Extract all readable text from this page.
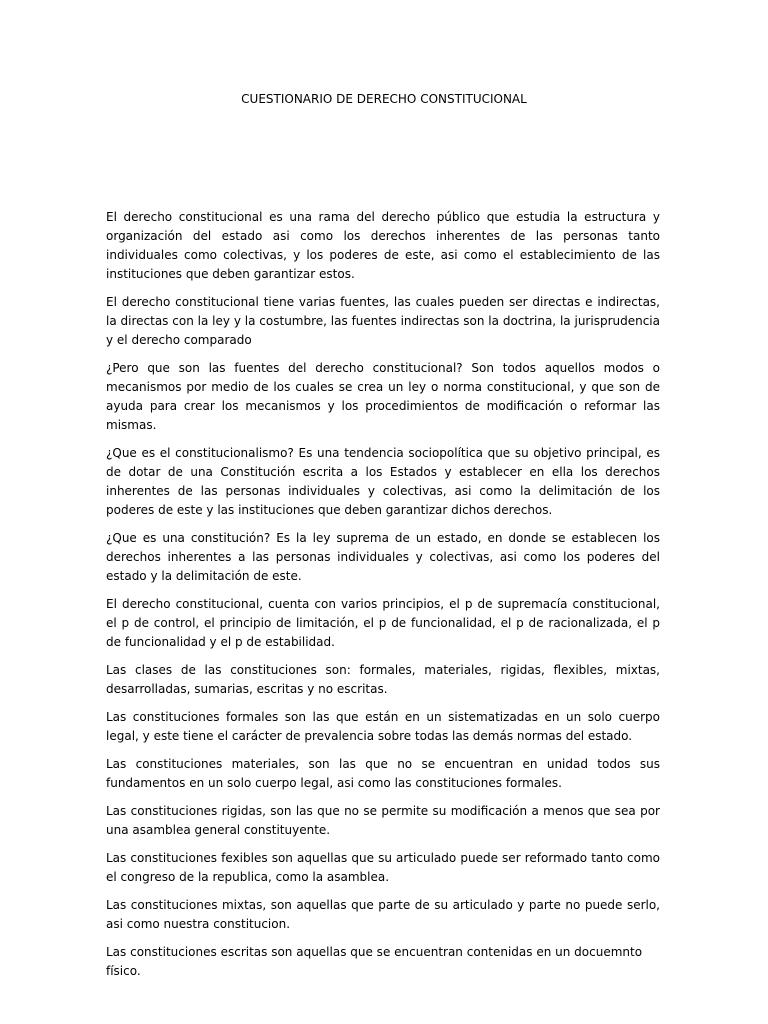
CUESTIONARIO DE DERECHO CONSTITUCIONAL

El derecho constitucional es una rama del derecho público que estudia la estructura y organización del estado asi como los derechos inherentes de las personas tanto individuales como colectivas, y los poderes de este, asi como el establecimiento de las instituciones que deben garantizar estos.

El derecho constitucional tiene varias fuentes, las cuales pueden ser directas e indirectas, la directas con la ley y la costumbre, las fuentes indirectas son la doctrina, la jurisprudencia y el derecho comparado

¿Pero que son las fuentes del derecho constitucional? Son todos aquellos modos o mecanismos por medio de los cuales se crea un ley o norma constitucional, y que son de ayuda para crear los mecanismos y los procedimientos de modificación o reformar las mismas.

¿Que es el constitucionalismo? Es una tendencia sociopolítica que su objetivo principal, es de dotar de una Constitución escrita a los Estados y establecer en ella los derechos inherentes de las personas individuales y colectivas, asi como la delimitación de los poderes de este y las instituciones que deben garantizar dichos derechos.

¿Que es una constitución? Es la ley suprema de un estado, en donde se establecen los derechos inherentes a las personas individuales y colectivas, asi como los poderes del estado y la delimitación de este.

El derecho constitucional, cuenta con varios principios, el p de supremacía constitucional, el p de control, el principio de limitación, el p de funcionalidad, el p de racionalizada, el p de funcionalidad y el p de estabilidad.

Las clases de las constituciones son: formales, materiales, rigidas, flexibles, mixtas, desarrolladas, sumarias, escritas y no escritas.

Las constituciones formales son las que están en un sistematizadas en un solo cuerpo legal, y este tiene el carácter de prevalencia sobre todas las demás normas del estado.

Las constituciones materiales, son las que no se encuentran en unidad todos sus fundamentos en un solo cuerpo legal, asi como las constituciones formales.

Las constituciones rigidas, son las que no se permite su modificación a menos que sea por una asamblea general constituyente.

Las constituciones fexibles son aquellas que su articulado puede ser reformado tanto como el congreso de la republica, como la asamblea.

Las constituciones mixtas, son aquellas que parte de su articulado y parte no puede serlo, asi como nuestra constitucion.

Las constituciones escritas son aquellas que se encuentran contenidas en un docuemnto físico.
